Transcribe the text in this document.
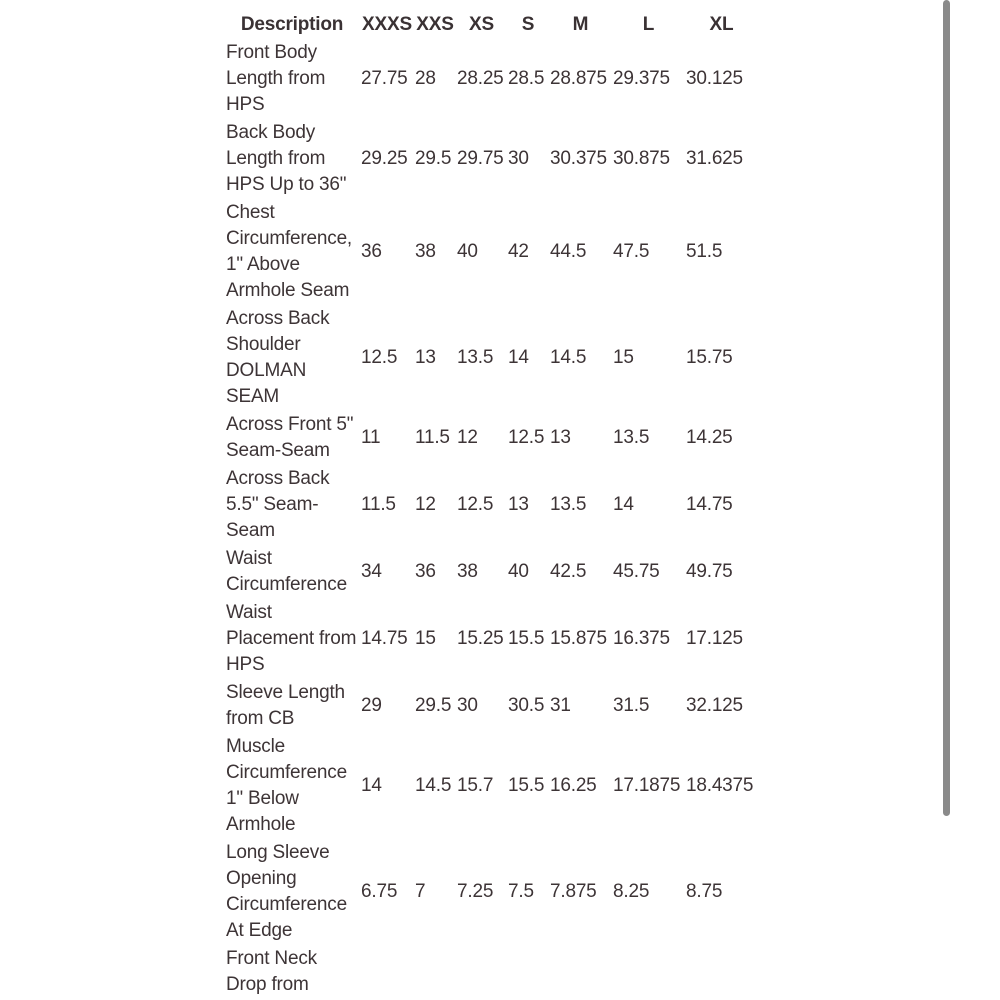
Description	XXXS	XXS	XS	S	M	L	XL
Front Body Length from HPS	27.75	28	28.25	28.5	28.875	29.375	30.125
Back Body Length from HPS Up to 36"	29.25	29.5	29.75	30	30.375	30.875	31.625
Chest Circumference, 1" Above Armhole Seam	36	38	40	42	44.5	47.5	51.5
Across Back Shoulder DOLMAN SEAM	12.5	13	13.5	14	14.5	15	15.75
Across Front 5" Seam-Seam	11	11.5	12	12.5	13	13.5	14.25
Across Back 5.5" Seam-Seam	11.5	12	12.5	13	13.5	14	14.75
Waist Circumference	34	36	38	40	42.5	45.75	49.75
Waist Placement from HPS	14.75	15	15.25	15.5	15.875	16.375	17.125
Sleeve Length from CB	29	29.5	30	30.5	31	31.5	32.125
Muscle Circumference 1" Below Armhole	14	14.5	15.7	15.5	16.25	17.1875	18.4375
Long Sleeve Opening Circumference At Edge	6.75	7	7.25	7.5	7.875	8.25	8.75
Front Neck Drop from							
